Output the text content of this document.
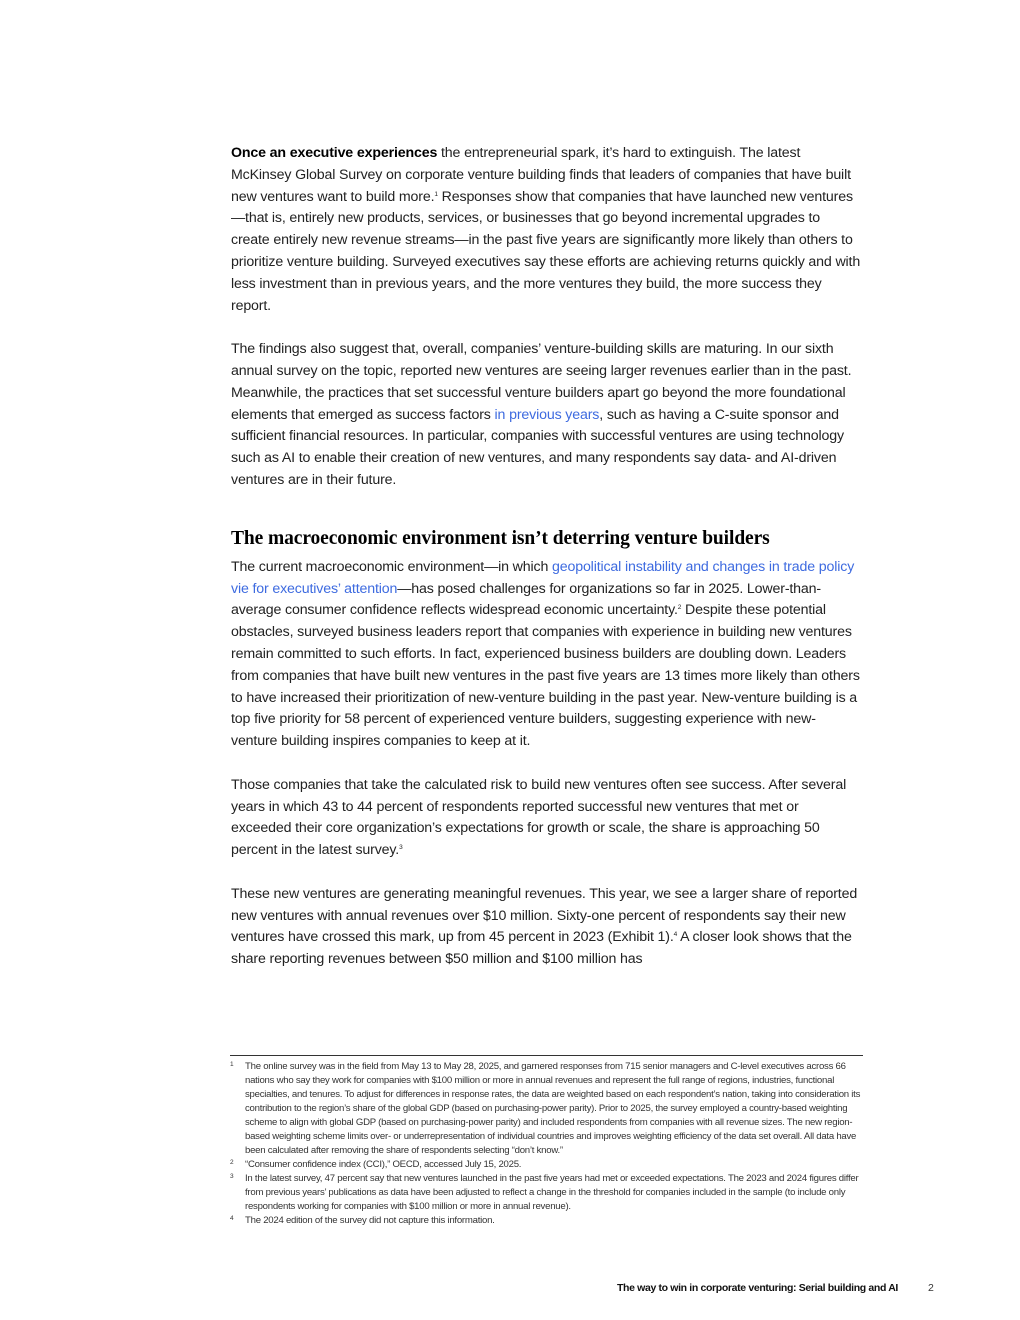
Once an executive experiences the entrepreneurial spark, it’s hard to extinguish. The latest McKinsey Global Survey on corporate venture building finds that leaders of companies that have built new ventures want to build more.$^1$ Responses show that companies that have launched new ventures—that is, entirely new products, services, or businesses that go beyond incremental upgrades to create entirely new revenue streams—in the past five years are significantly more likely than others to prioritize venture building. Surveyed executives say these efforts are achieving returns quickly and with less investment than in previous years, and the more ventures they build, the more success they report.

The findings also suggest that, overall, companies’ venture-building skills are maturing. In our sixth annual survey on the topic, reported new ventures are seeing larger revenues earlier than in the past. Meanwhile, the practices that set successful venture builders apart go beyond the more foundational elements that emerged as success factors in previous years, such as having a C-suite sponsor and sufficient financial resources. In particular, companies with successful ventures are using technology such as AI to enable their creation of new ventures, and many respondents say data- and AI-driven ventures are in their future.

The macroeconomic environment isn’t deterring venture builders

The current macroeconomic environment—in which geopolitical instability and changes in trade policy vie for executives’ attention—has posed challenges for organizations so far in 2025. Lower-than-average consumer confidence reflects widespread economic uncertainty.$^2$ Despite these potential obstacles, surveyed business leaders report that companies with experience in building new ventures remain committed to such efforts. In fact, experienced business builders are doubling down. Leaders from companies that have built new ventures in the past five years are 13 times more likely than others to have increased their prioritization of new-venture building in the past year. New-venture building is a top five priority for 58 percent of experienced venture builders, suggesting experience with new-venture building inspires companies to keep at it.

Those companies that take the calculated risk to build new ventures often see success. After several years in which 43 to 44 percent of respondents reported successful new ventures that met or exceeded their core organization’s expectations for growth or scale, the share is approaching 50 percent in the latest survey.$^3$

These new ventures are generating meaningful revenues. This year, we see a larger share of reported new ventures with annual revenues over $10 million. Sixty-one percent of respondents say their new ventures have crossed this mark, up from 45 percent in 2023 (Exhibit 1).$^4$ A closer look shows that the share reporting revenues between $50 million and $100 million has

1 The online survey was in the field from May 13 to May 28, 2025, and garnered responses from 715 senior managers and C-level executives across 66 nations who say they work for companies with $100 million or more in annual revenues and represent the full range of regions, industries, functional specialties, and tenures. To adjust for differences in response rates, the data are weighted based on each respondent’s nation, taking into consideration its contribution to the region’s share of the global GDP (based on purchasing-power parity). Prior to 2025, the survey employed a country-based weighting scheme to align with global GDP (based on purchasing-power parity) and included respondents from companies with all revenue sizes. The new region-based weighting scheme limits over- or underrepresentation of individual countries and improves weighting efficiency of the data set overall. All data have been calculated after removing the share of respondents selecting “don’t know.”
2 “Consumer confidence index (CCI),” OECD, accessed July 15, 2025.
3 In the latest survey, 47 percent say that new ventures launched in the past five years had met or exceeded expectations. The 2023 and 2024 figures differ from previous years’ publications as data have been adjusted to reflect a change in the threshold for companies included in the sample (to include only respondents working for companies with $100 million or more in annual revenue).
4 The 2024 edition of the survey did not capture this information.
The way to win in corporate venturing: Serial building and AI	2
